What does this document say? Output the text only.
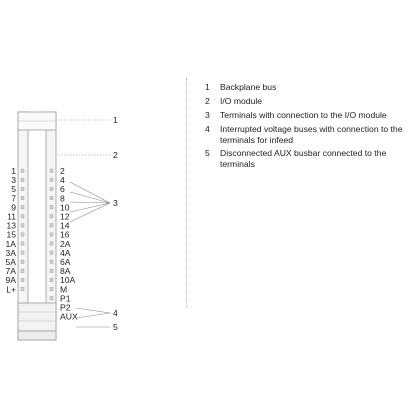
1
3
5
7
9
11
13
15
1A
3A
5A
7A
9A
L+
2
4
6
8
10
12
14
16
2A
4A
6A
8A
10A
M
P1
P2
AUX
1
2
3
4
5
1	Backplane bus
2	I/O module
3	Terminals with connection to the I/O module
4	Interrupted voltage buses with connection to the
terminals for infeed
5	Disconnected AUX busbar connected to the terminals
